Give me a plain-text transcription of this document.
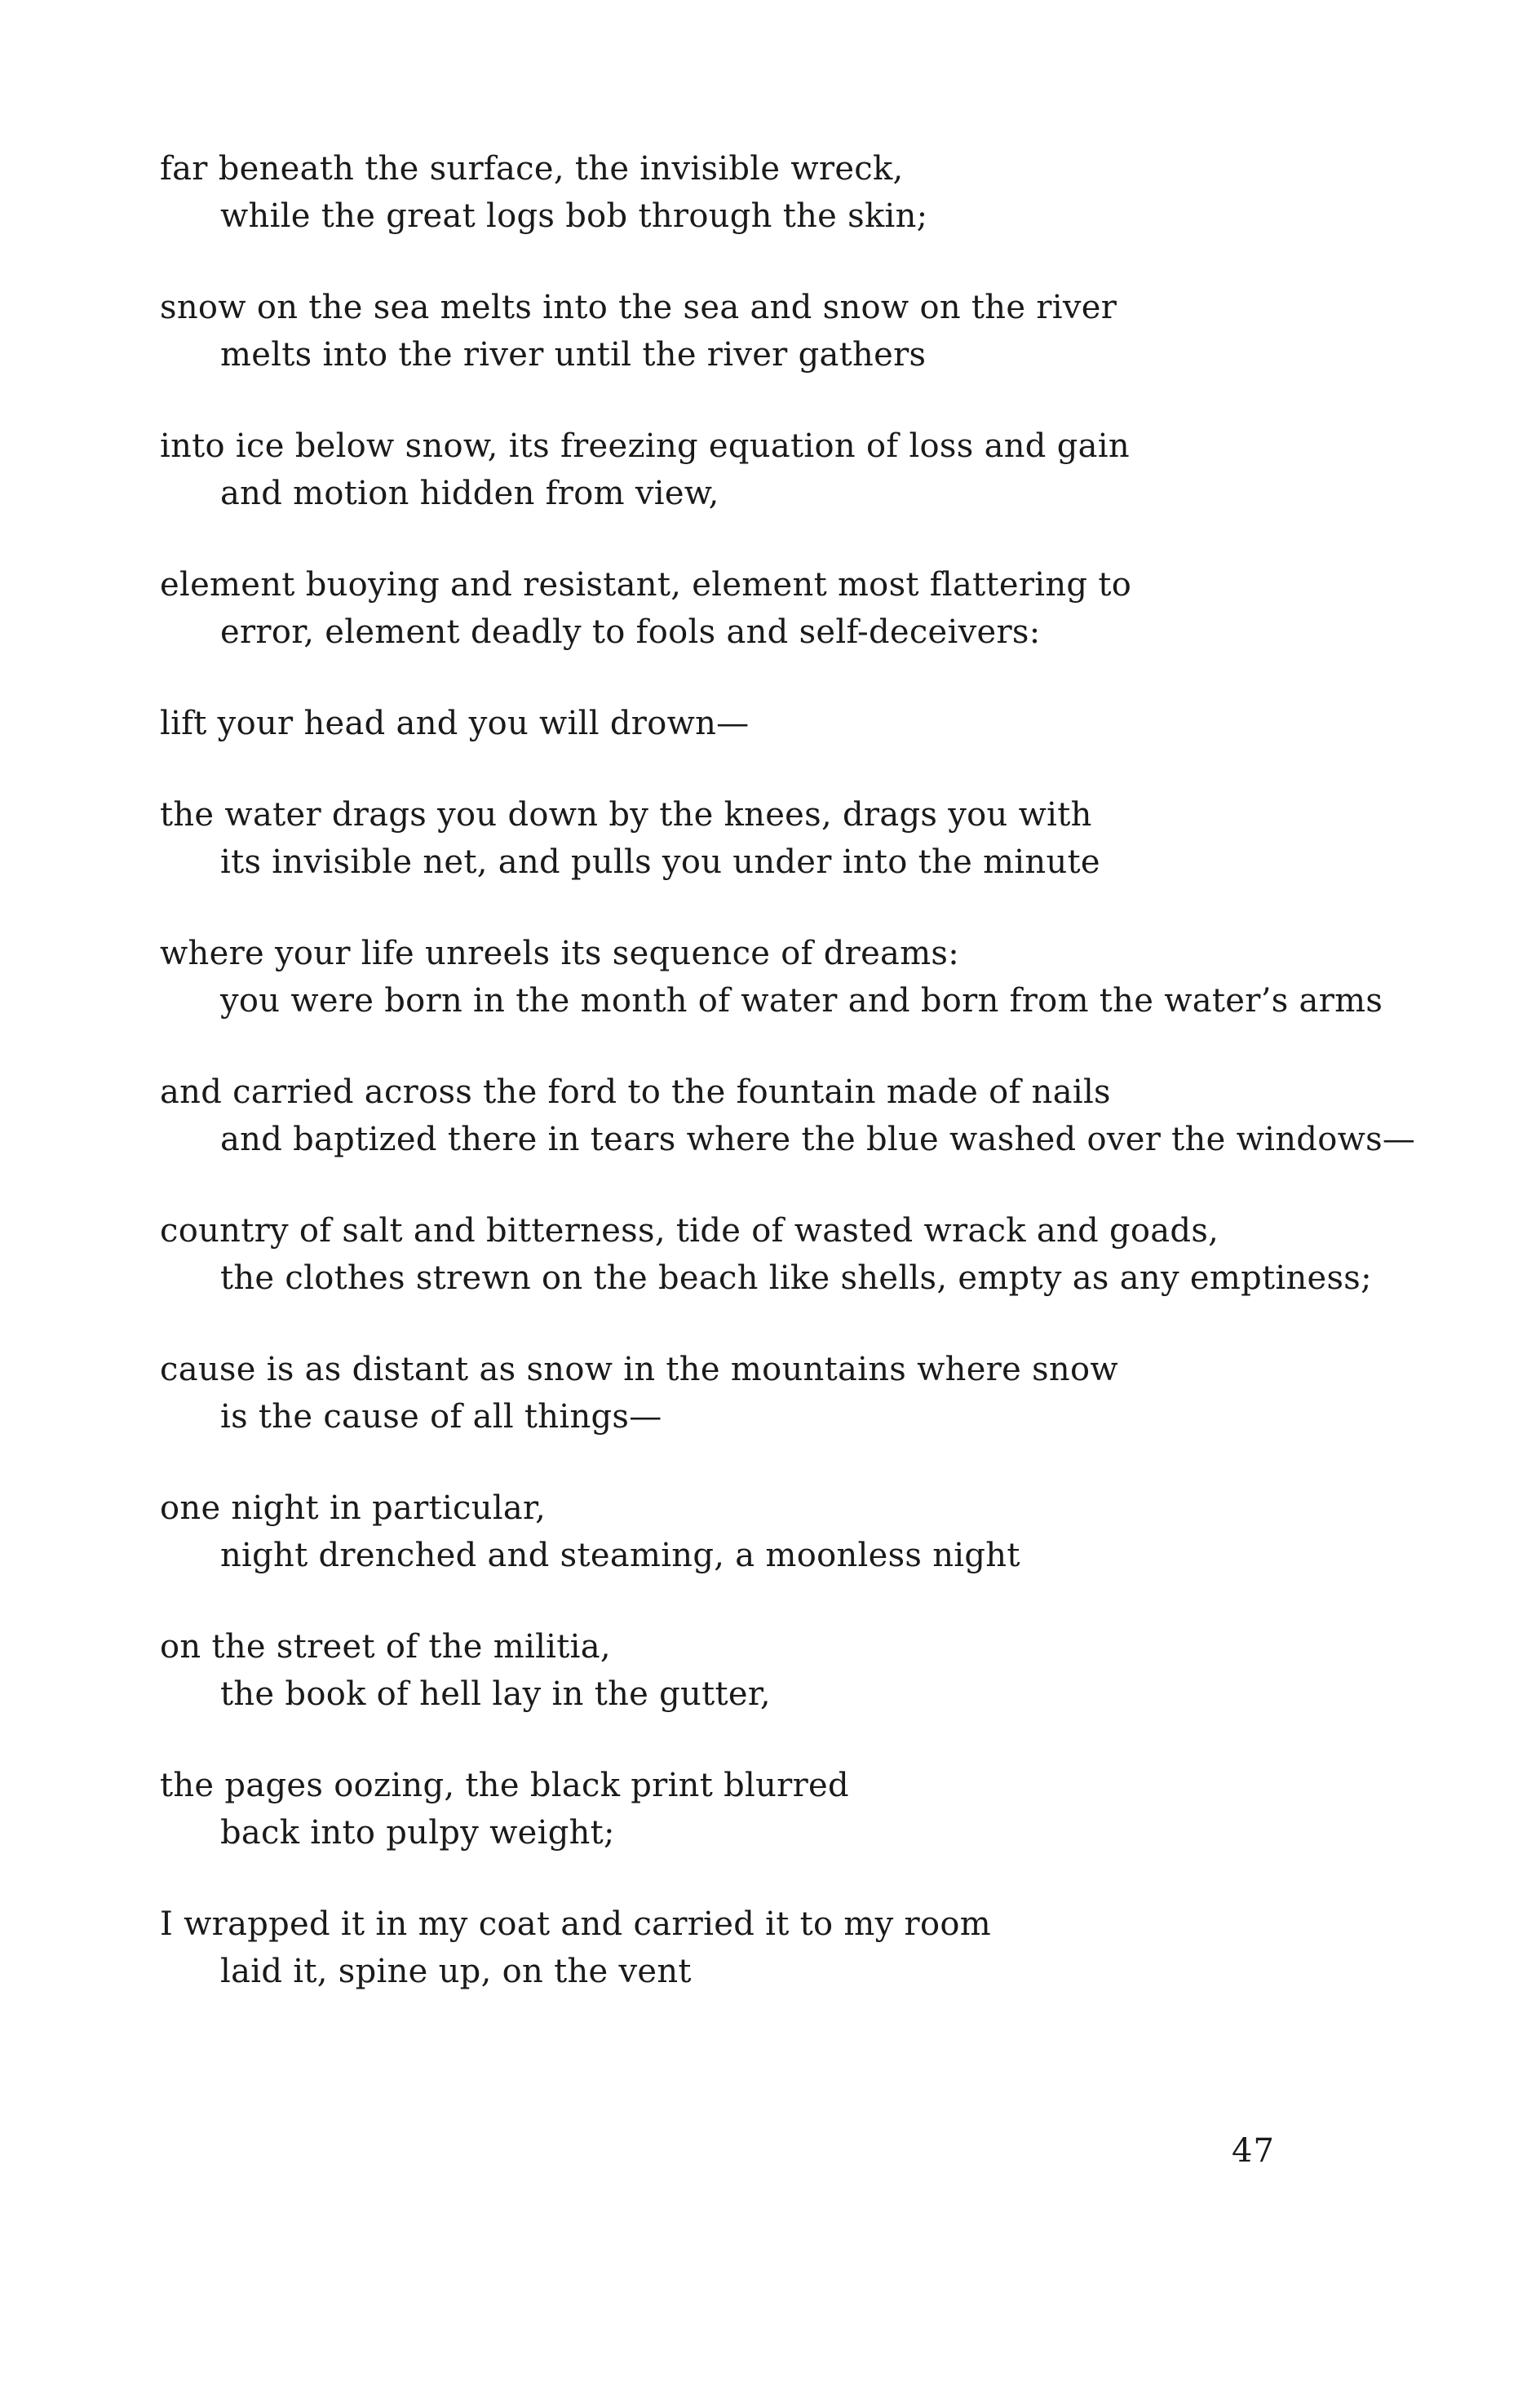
far beneath the surface, the invisible wreck,
while the great logs bob through the skin;
snow on the sea melts into the sea and snow on the river
melts into the river until the river gathers
into ice below snow, its freezing equation of loss and gain
and motion hidden from view,
element buoying and resistant, element most flattering to
error, element deadly to fools and self-deceivers:
lift your head and you will drown—
the water drags you down by the knees, drags you with
its invisible net, and pulls you under into the minute
where your life unreels its sequence of dreams:
you were born in the month of water and born from the water’s arms
and carried across the ford to the fountain made of nails
and baptized there in tears where the blue washed over the windows—
country of salt and bitterness, tide of wasted wrack and goads,
the clothes strewn on the beach like shells, empty as any emptiness;
cause is as distant as snow in the mountains where snow
is the cause of all things—
one night in particular,
night drenched and steaming, a moonless night
on the street of the militia,
the book of hell lay in the gutter,
the pages oozing, the black print blurred
back into pulpy weight;
I wrapped it in my coat and carried it to my room
laid it, spine up, on the vent
47
